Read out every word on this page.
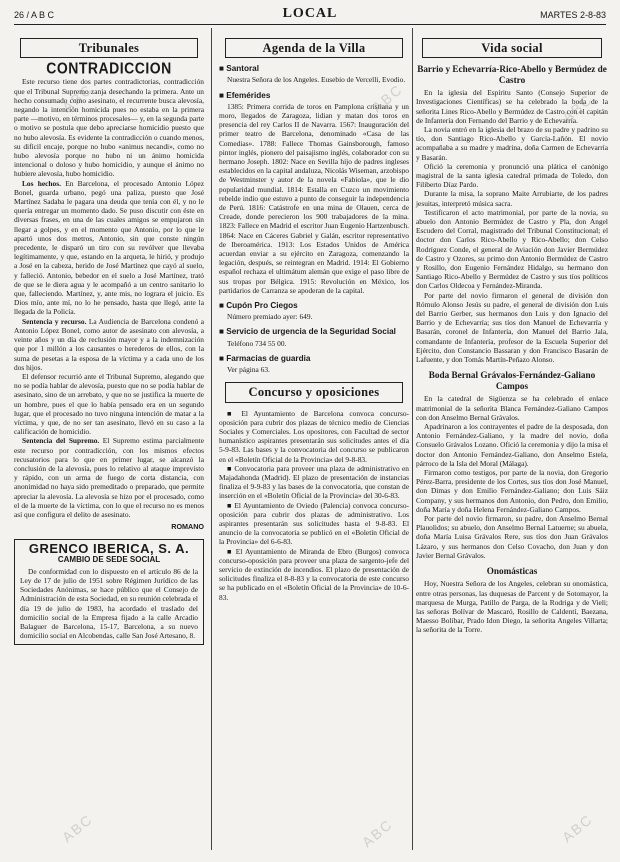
26 / A B C	LOCAL	MARTES 2-8-83
Tribunales
CONTRADICCION

Este recurso tiene dos partes contradictorias, contradicción que el Tribunal Supremo zanja desechando la primera. Ante un hecho consumado como asesinato, el recurrente busca alevosía, negando la intención homicida pues no estaba en la primera parte —motivo, en términos procesales— y, en la segunda parte o motivo se postula que debo apreciarse homicidio puesto que no hubo alevosía. Es evidente la contradicción o cuando menos, su difícil encaje, porque no hubo «animus necandi», como no hubo alevosía porque no hubo ni un ánimo homicida intencional o doloso y hubo homicidio, y aunque el ánimo no hubiere alevosía, hubo homicidio.

Los hechos. En Barcelona, el procesado Antonio López Bonel, guarda urbano, pegó una paliza, puesto que José Martínez Sadaba le pagara una deuda que tenía con él, y no le quería entregar un momento dado. Se puso discutir con éste en diversas frases, en una de las cuales amigos se empujaron sin llegar a golpes, y en el momento que Antonio, por lo que le apartó unos dos metros, Antonio, sin que conste ningún precedente, le disparó un tiro con su revólver que llevaba legítimamente, y que, estando en la arqueta, le hirió, y produjo a José en la cabeza, herido de José Martínez que cayó al suelo, y falleció. Antonio, bebedor en el suelo a José Martínez, trató de que se le diera agua y le acompañó a un centro sanitario lo que, falleciendo. Martínez, y, ante mis, no lograra el juicio. Es Dios mío, ante mí, no lo he pensado, hasta que llegó, ante la llegada de la Policía.

Sentencia y recurso. La Audiencia de Barcelona condenó a Antonio López Bonel, como autor de asesinato con alevosía, a veinte años y un día de reclusión mayor y a la indemnización que por 1 millón a los causantes o herederos de ellos, con la suma de pesetas a la esposa de la víctima y a cada uno de los dos hijos.

El defensor recurrió ante el Tribunal Supremo, alegando que no se podía hablar de alevosía, puesto que no se podía hablar de asesinato, sino de un arrebato, y que no se justifica la muerte de un hombre, pues el que lo había pensado era en un segundo lugar, que el procesado no tuvo ninguna intención de matar a la víctima, y que, de no ser tan asesinato, llevó en su caso a la calificación de homicidio.

Sentencia del Supremo. El Supremo estima parcialmente este recurso por contradicción, con los mismos efectos recusatorios para lo que en primer lugar, se alcanzó la conclusión de la alevosía, pues lo relativo al ataque imprevisto y rápido, con un arma de fuego de corta distancia, con anonimidad no haya sido premeditado o preparado, que permite apreciar la alevosía. La alevosía se hizo por el procesado, como el de la muerte de la víctima, con lo que el recurso no es menos así que configura el delito de asesinato.

ROMANO
GRENCO IBERICA, S. A.
CAMBIO DE SEDE SOCIAL

De conformidad con lo dispuesto en el artículo 86 de la Ley de 17 de julio de 1951 sobre Régimen Jurídico de las Sociedades Anónimas, se hace público que el Consejo de Administración de esta Sociedad, en su reunión celebrada el día 19 de julio de 1983, ha acordado el traslado del domicilio social de la Empresa fijado a la calle Arcadio Balaguer de Barcelona, 15-17, Barcelona, a su nuevo domicilio social en Alcobendas, calle San José Artesano, 8.

Agenda de la Villa
■ Santoral

Nuestra Señora de los Angeles. Eusebio de Vercelli, Evodio.

■ Efemérides

1385: Primera corrida de toros en Pamplona cristiana y un moro, llegados de Zaragoza, lidian y matan dos toros en presencia del rey Carlos II de Navarra. 1567: Inauguración del primer teatro de Barcelona, denominado «Casa de las Comedias». 1788: Fallece Thomas Gainsborough, famoso pintor inglés, pionero del paisajismo inglés, colaborador con su hermano Joseph. 1802: Nace en Sevilla hijo de padres ingleses establecidos en la capital andaluza, Nicolás Wiseman, arzobispo de Westminster y autor de la novela «Fabiola», que le dio popularidad mundial. 1814: Estalla en Cuzco un movimiento rebelde indio que estuvo a punto de conseguir la independencia de Perú. 1816: Catástrofe en una mina de Olauen, cerca de Creade, donde perecieron los 900 trabajadores de la mina. 1823: Fallece en Madrid el escritor Juan Eugenio Hartzenbusch. 1864: Nace en Cáceres Gabriel y Galán, escritor representativo de Iberoamérica. 1913: Los Estados Unidos de América acuerdan enviar a su ejército en Zaragoza, comenzando la legación, después, se reintegran en Madrid. 1914: El Gobierno español rechaza el ultimátum alemán que exige el paso libre de sus tropas por Bélgica. 1915: Revolución en México, los partidarios de Carranza se apoderan de la capital.

■ Cupón Pro Ciegos

Número premiado ayer: 649.

■ Servicio de urgencia de la Seguridad Social

Teléfono 734 55 00.

■ Farmacias de guardia

Ver página 63.

Concurso y oposiciones

■ El Ayuntamiento de Barcelona convoca concurso-oposición para cubrir dos plazas de técnico medio de Ciencias Sociales y Comerciales. Los opositores, con Facultad de sector humanístico aspirantes presentarán sus solicitudes antes el día 5-9-83. Las bases y la convocatoria del concurso se publicaron en el «Boletín Oficial de la Provincia» del 9-8-83.

■ Convocatoria para proveer una plaza de administrativo en Majadahonda (Madrid). El plazo de presentación de instancias finaliza el 9-9-83 y las bases de la convocatoria, que constan de inserción en el «Boletín Oficial de la Provincia» del 30-6-83.

■ El Ayuntamiento de Oviedo (Palencia) convoca concurso-oposición para cubrir dos plazas de administrativo. Los aspirantes presentarán sus solicitudes hasta el 9-8-83. El anuncio de la convocatoria se publicó en el «Boletín Oficial de la Provincia» del 6-6-83.

■ El Ayuntamiento de Miranda de Ebro (Burgos) convoca concurso-oposición para proveer una plaza de sargento-jefe del servicio de extinción de incendios. El plazo de presentación de solicitudes finaliza el 8-8-83 y la convocatoria de este concurso se ha publicado en el «Boletín Oficial de la Provincia» de 10-6-83.

Vida social
Barrio y Echevarría-Rico-Abello y Bermúdez de Castro

En la iglesia del Espíritu Santo (Consejo Superior de Investigaciones Científicas) se ha celebrado la boda de la señorita Lines Rico-Abello y Bermúdez de Castro con el capitán de Infantería don Fernando del Barrio y de Echevarría.

La novia entró en la iglesia del brazo de su padre y padrino su tío, don Santiago Rico-Abello y García-Lañón. El novio acompañaba a su madre y madrina, doña Carmen de Echevarría y Basarán.

Ofició la ceremonia y pronunció una plática el canónigo magistral de la santa iglesia catedral primada de Toledo, don Filiberto Díaz Pardo.

Durante la misa, la soprano Maite Arrubiarte, de los padres jesuitas, interpretó música sacra.

Testificaron el acto matrimonial, por parte de la novia, su abuelo don Antonio Bermúdez de Castro y Pla, don Angel Escudero del Corral, magistrado del Tribunal Constitucional; el doctor don Carlos Rico-Abello y Rico-Abello; don Celso Rodríguez Conde, el general de Aviación don Javier Bermúdez de Castro y Ozores, su primo don Antonio Bermúdez de Castro y Rosillo, don Eugenio Fernández Hidalgo, su hermano don Santiago Rico-Abello y Bermúdez de Castro y sus tíos políticos don Carlos Oldecoa y Fernández-Miranda.

Por parte del novio firmaron el general de división don Rómulo Alonso Jesús su padre, el general de división don Luis del Barrio Gerber, sus hermanos don Luis y don Ignacio del Barrio y de Echevarría; sus tíos don Manuel de Echevarría y Basarán, coronel de Infantería, don Manuel del Barrio Jala, comandante de Infantería, profesor de la Escuela Superior del Ejército, don Constancio Bassaran y don Francisco Basarán de Lafuente, y don Tomás Martín-Peñazo Alonso.

Boda Bernal Grávalos-Fernández-Galiano Campos

En la catedral de Sigüenza se ha celebrado el enlace matrimonial de la señorita Blanca Fernández-Galiano Campos con don Anselmo Bernal Grávalos.

Apadrinaron a los contrayentes el padre de la desposada, don Antonio Fernández-Galiano, y la madre del novio, doña Consuelo Grávalos Lozano. Ofició la ceremonia y dijo la misa el doctor don Antonio Fernández-Galiano, don Anselmo Estela, párroco de la Isla del Moral (Málaga).

Firmaron como testigos, por parte de la novia, don Gregorio Pérez-Barra, presidente de los Cortes, sus tíos don José Manuel, don Dimas y don Emilio Fernández-Galiano; don Luis Sáiz Company, y sus hermanos don Antonio, don Pedro, don Emilio, doña María y doña Helena Fernández-Galiano Campos.

Por parte del novio firmaron, su padre, don Anselmo Bernal Plauolidos; su abuelo, don Anselmo Bernal Latuerne; su abuela, doña María Luisa Grávalos Rere, sus tíos don Juan Grávalos Lázaro, y sus hermanos don Celso Covacho, don Juan y don Javier Bernal Grávalos.

Onomásticas

Hoy, Nuestra Señora de los Angeles, celebran su onomástica, entre otras personas, las duquesas de Parcent y de Sotomayor, la marquesa de Murga, Patillo de Parga, de la Rodriga y de Vieli; las señoras Bolívar de Mascaró, Rosillo de Caldentí, Baezana, Maesso Bolíbar, Prado Idon Diego, la señorita Angeles Villarta; la señorita de la Torre.

ABC	ABC	ABC
ABC	ABC	ABC
